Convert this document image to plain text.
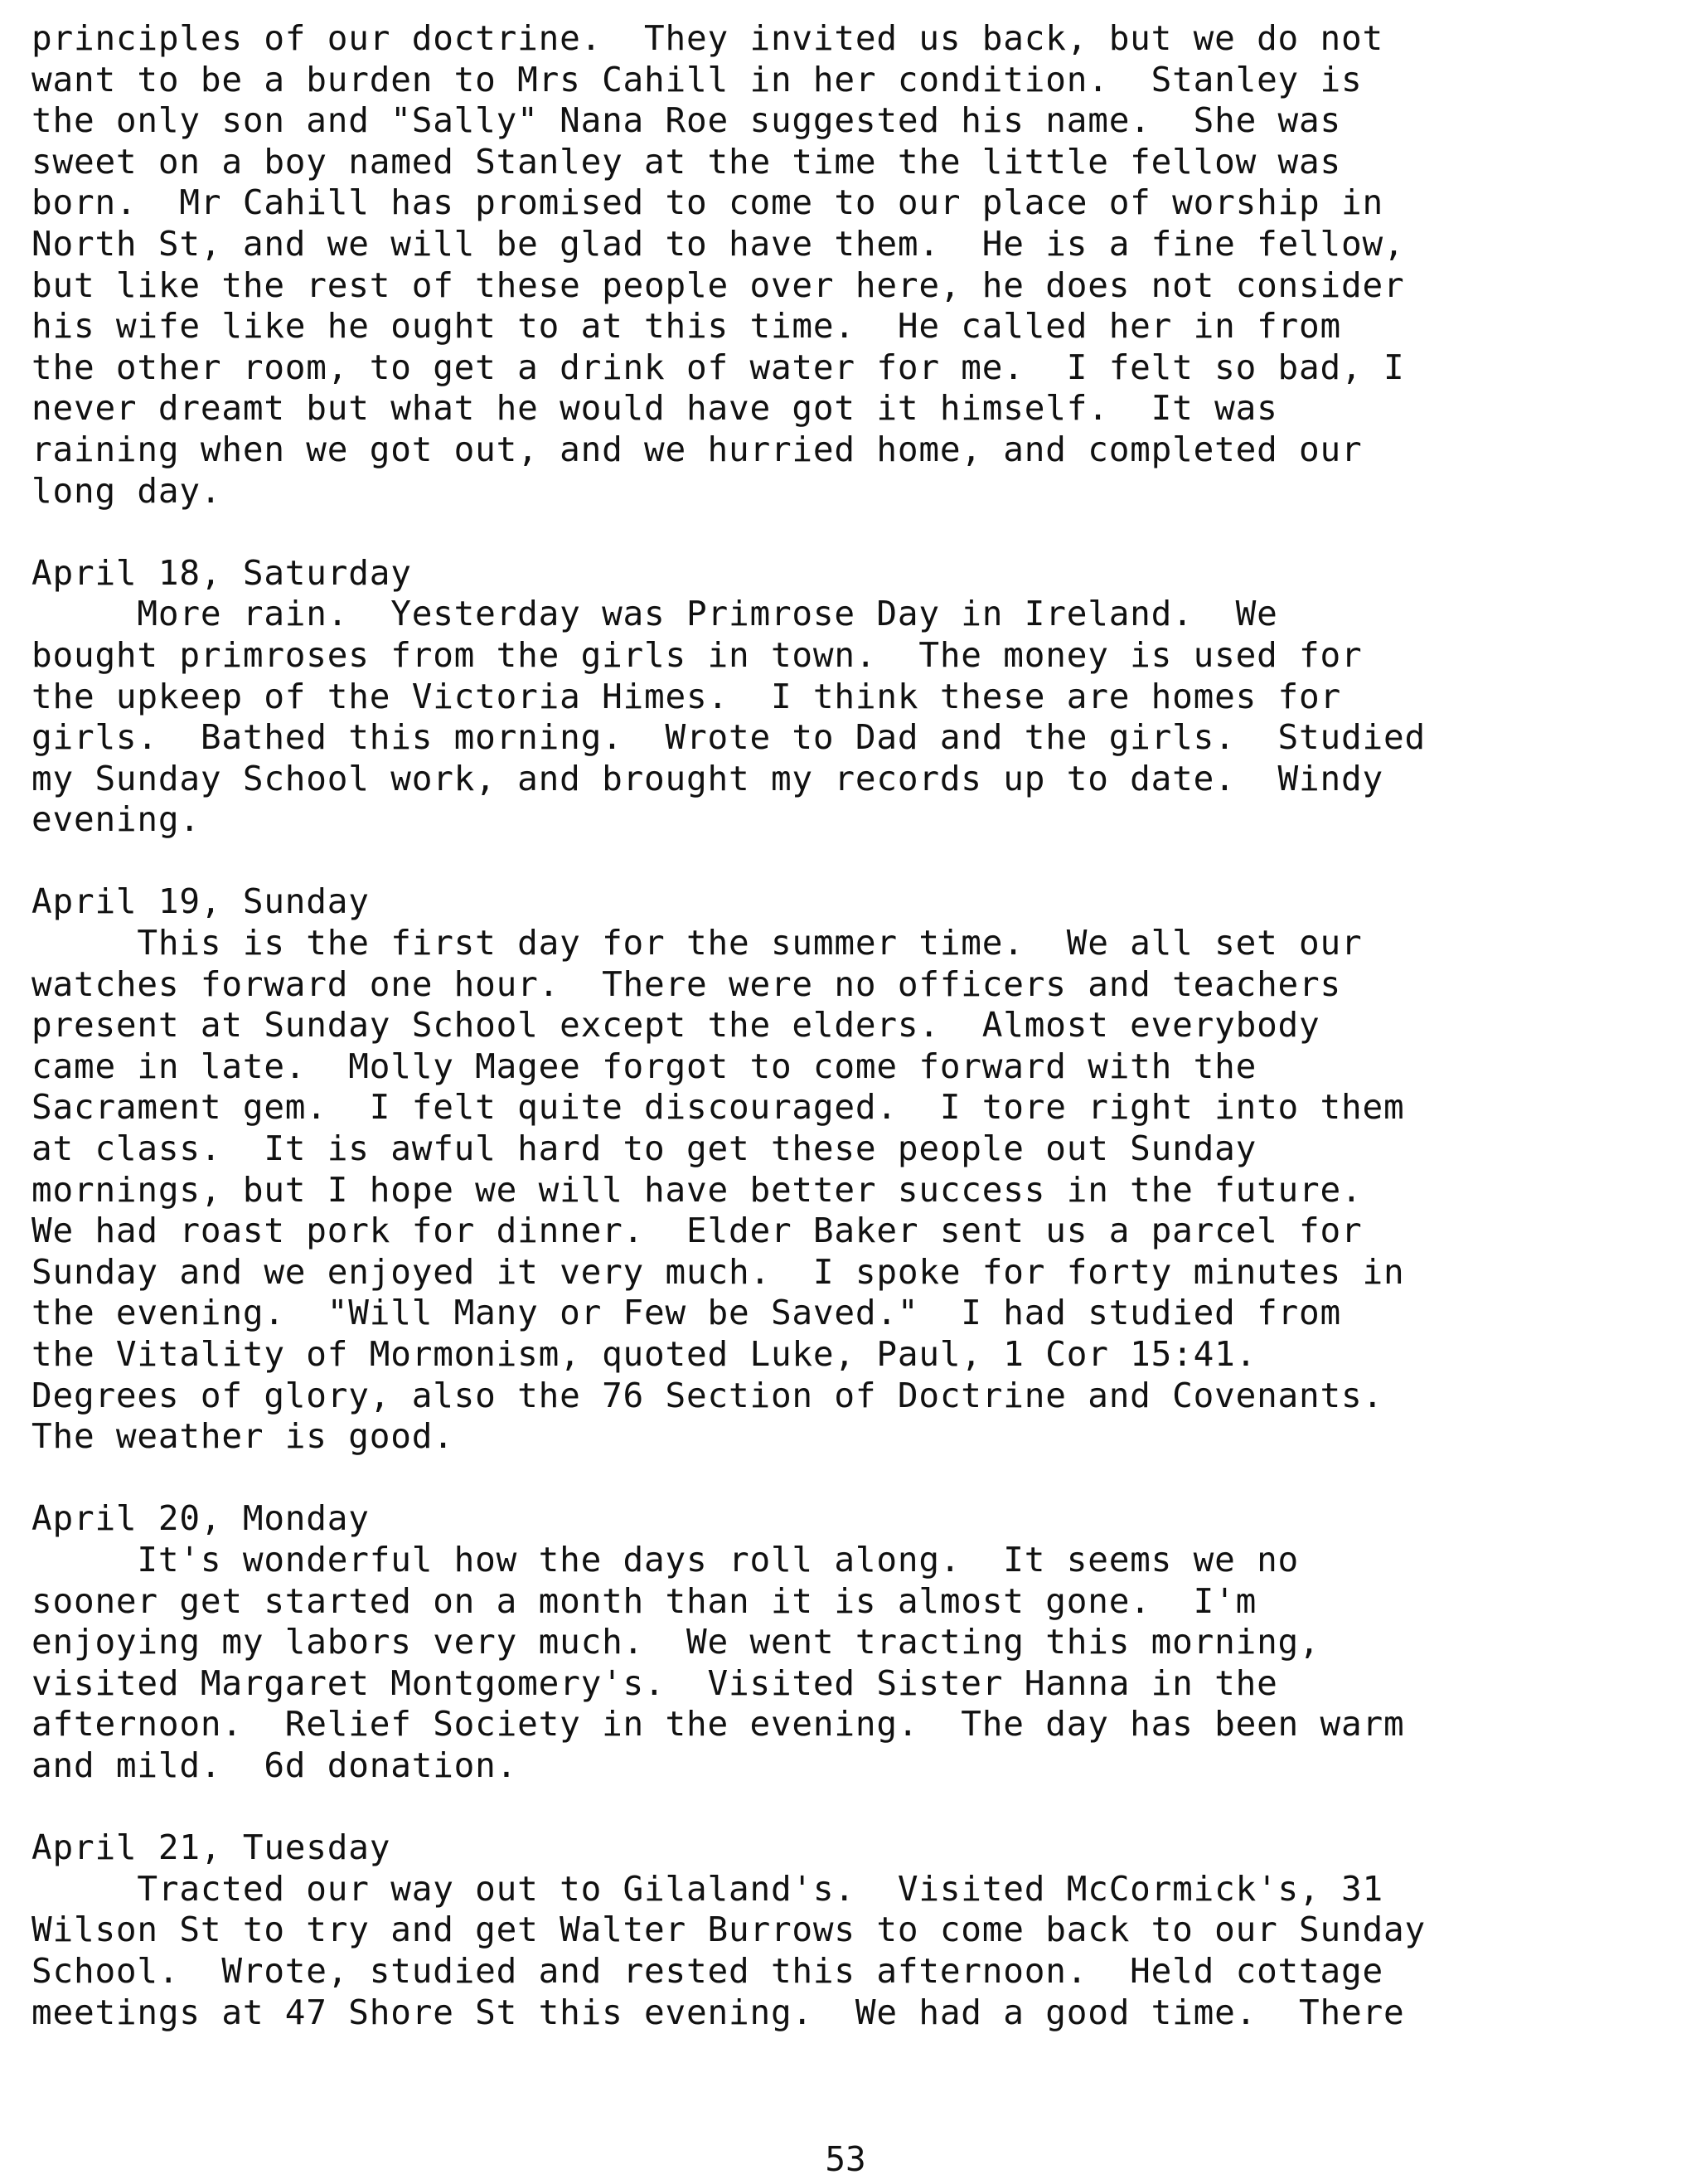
principles of our doctrine.  They invited us back, but we do not
want to be a burden to Mrs Cahill in her condition.  Stanley is
the only son and "Sally" Nana Roe suggested his name.  She was
sweet on a boy named Stanley at the time the little fellow was
born.  Mr Cahill has promised to come to our place of worship in
North St, and we will be glad to have them.  He is a fine fellow,
but like the rest of these people over here, he does not consider
his wife like he ought to at this time.  He called her in from
the other room, to get a drink of water for me.  I felt so bad, I
never dreamt but what he would have got it himself.  It was
raining when we got out, and we hurried home, and completed our
long day.
April 18, Saturday
More rain.  Yesterday was Primrose Day in Ireland.  We
bought primroses from the girls in town.  The money is used for
the upkeep of the Victoria Himes.  I think these are homes for
girls.  Bathed this morning.  Wrote to Dad and the girls.  Studied
my Sunday School work, and brought my records up to date.  Windy
evening.
April 19, Sunday
This is the first day for the summer time.  We all set our
watches forward one hour.  There were no officers and teachers
present at Sunday School except the elders.  Almost everybody
came in late.  Molly Magee forgot to come forward with the
Sacrament gem.  I felt quite discouraged.  I tore right into them
at class.  It is awful hard to get these people out Sunday
mornings, but I hope we will have better success in the future.
We had roast pork for dinner.  Elder Baker sent us a parcel for
Sunday and we enjoyed it very much.  I spoke for forty minutes in
the evening.  "Will Many or Few be Saved."  I had studied from
the Vitality of Mormonism, quoted Luke, Paul, 1 Cor 15:41.
Degrees of glory, also the 76 Section of Doctrine and Covenants.
The weather is good.
April 20, Monday
It's wonderful how the days roll along.  It seems we no
sooner get started on a month than it is almost gone.  I'm
enjoying my labors very much.  We went tracting this morning,
visited Margaret Montgomery's.  Visited Sister Hanna in the
afternoon.  Relief Society in the evening.  The day has been warm
and mild.  6d donation.
April 21, Tuesday
Tracted our way out to Gilaland's.  Visited McCormick's, 31
Wilson St to try and get Walter Burrows to come back to our Sunday
School.  Wrote, studied and rested this afternoon.  Held cottage
meetings at 47 Shore St this evening.  We had a good time.  There
53
